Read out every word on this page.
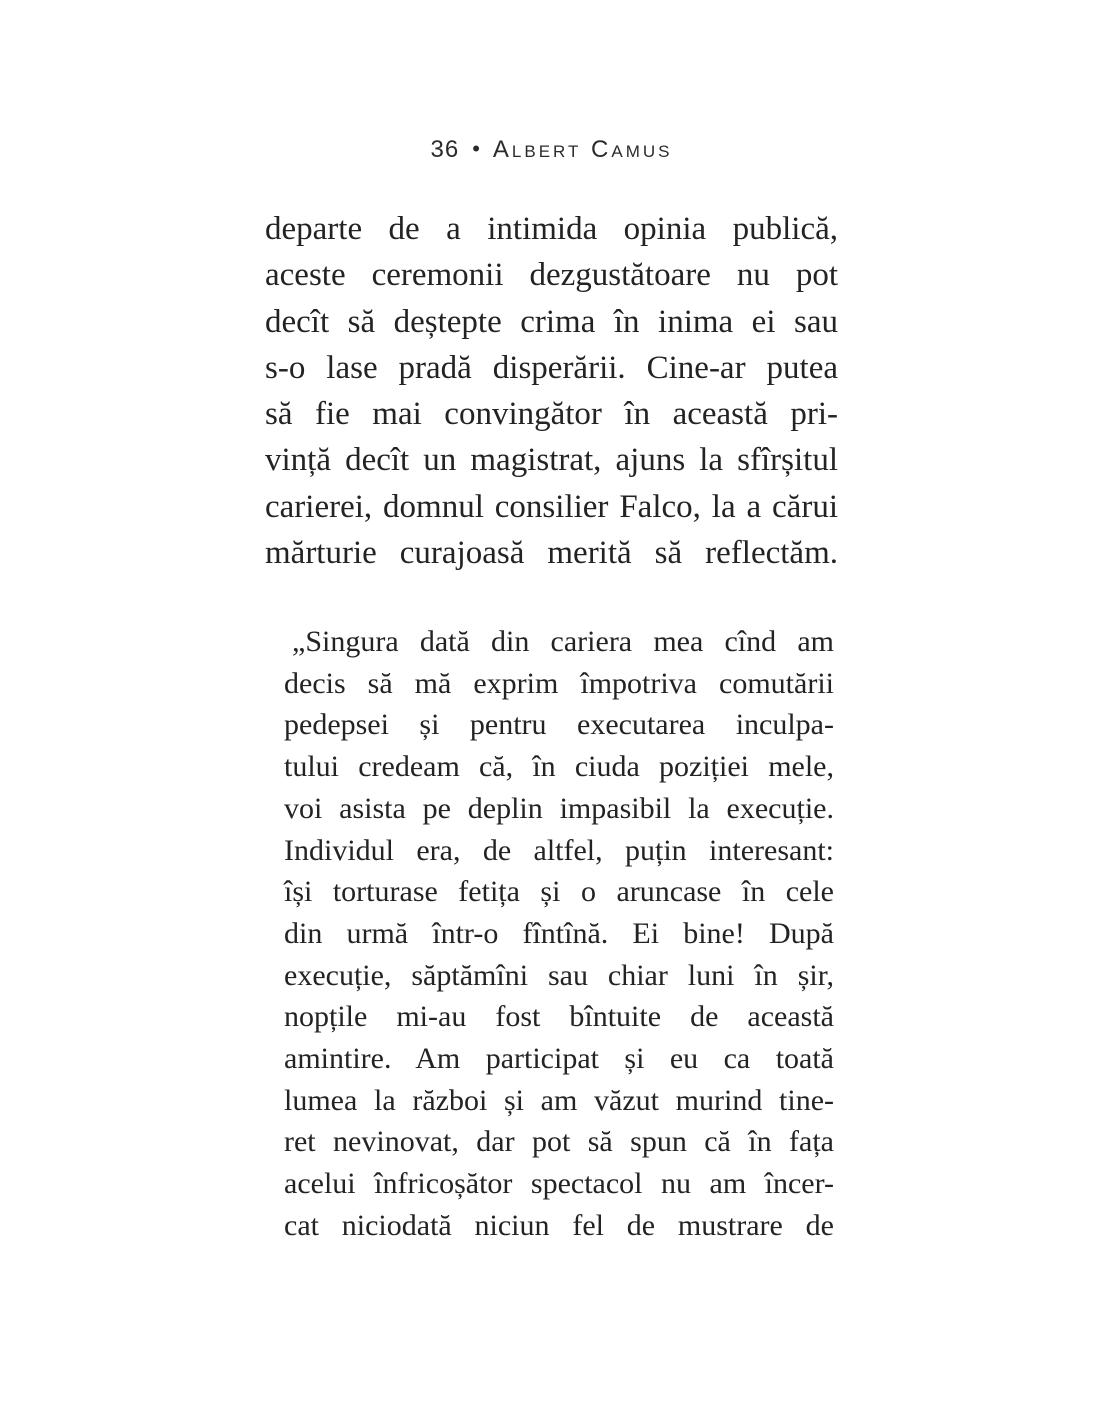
36 • Albert Camus
departe de a intimida opinia publică,
aceste ceremonii dezgustătoare nu pot
decît să deștepte crima în inima ei sau
s-o lase pradă disperării. Cine-ar putea
să fie mai convingător în această pri-
vință decît un magistrat, ajuns la sfîrșitul
carierei, domnul consilier Falco, la a cărui
mărturie curajoasă merită să reflectăm.
„Singura dată din cariera mea cînd am
decis să mă exprim împotriva comutării
pedepsei și pentru executarea inculpa-
tului credeam că, în ciuda poziției mele,
voi asista pe deplin impasibil la execuție.
Individul era, de altfel, puțin interesant:
își torturase fetița și o aruncase în cele
din urmă într-o fîntînă. Ei bine! După
execuție, săptămîni sau chiar luni în șir,
nopțile mi-au fost bîntuite de această
amintire. Am participat și eu ca toată
lumea la război și am văzut murind tine-
ret nevinovat, dar pot să spun că în fața
acelui înfricoșător spectacol nu am încer-
cat niciodată niciun fel de mustrare de
